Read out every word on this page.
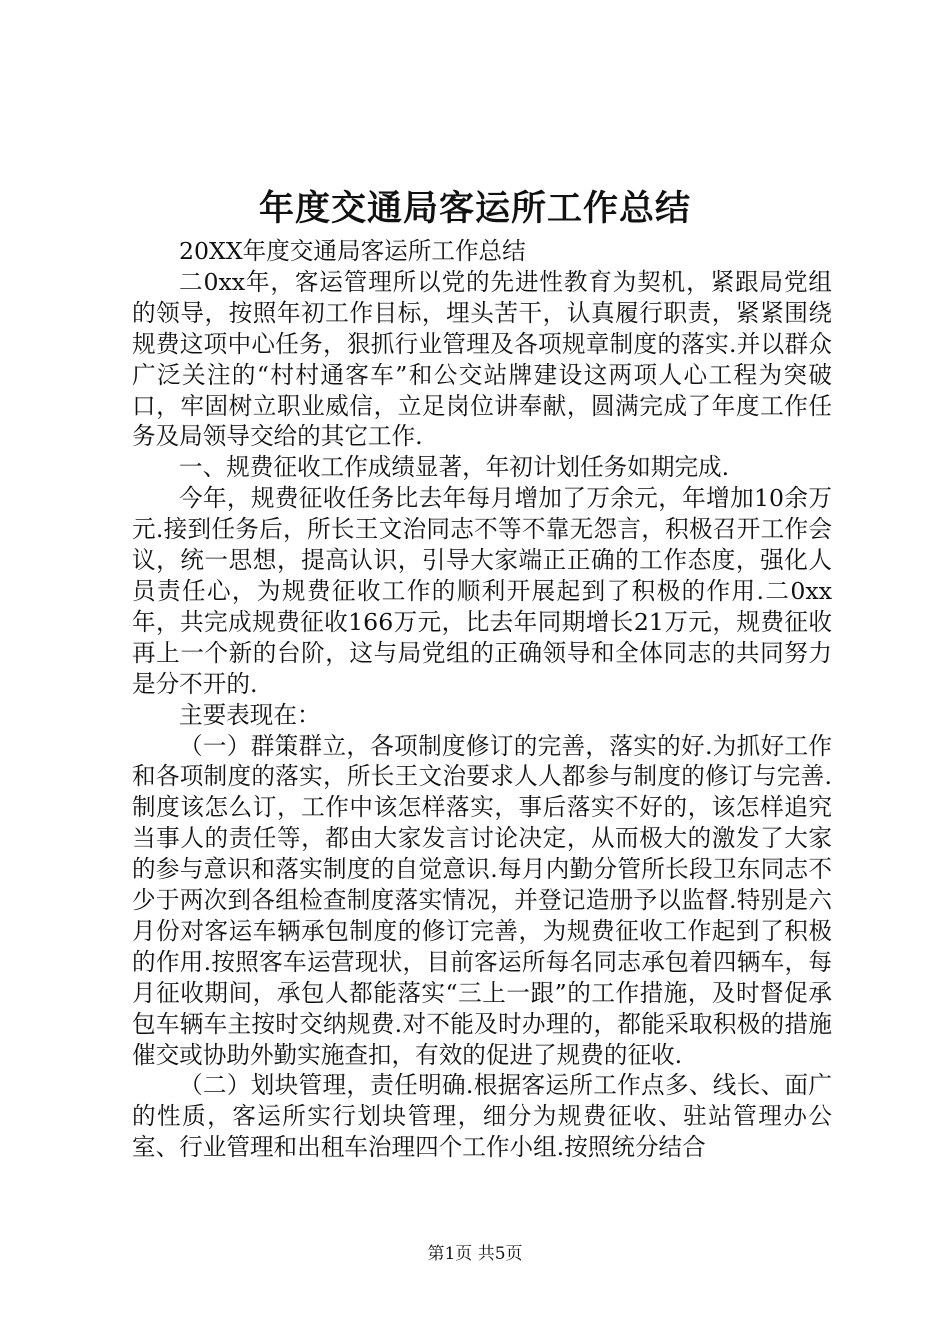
年度交通局客运所工作总结

20XX年度交通局客运所工作总结

二0xx年，客运管理所以党的先进性教育为契机，紧跟局党组的领导，按照年初工作目标，埋头苦干，认真履行职责，紧紧围绕规费这项中心任务，狠抓行业管理及各项规章制度的落实.并以群众广泛关注的“村村通客车”和公交站牌建设这两项人心工程为突破口，牢固树立职业威信，立足岗位讲奉献，圆满完成了年度工作任务及局领导交给的其它工作.

一、规费征收工作成绩显著，年初计划任务如期完成.

今年，规费征收任务比去年每月增加了万余元，年增加10余万元.接到任务后，所长王文治同志不等不靠无怨言，积极召开工作会议，统一思想，提高认识，引导大家端正正确的工作态度，强化人员责任心，为规费征收工作的顺利开展起到了积极的作用.二0xx年，共完成规费征收166万元，比去年同期增长21万元，规费征收再上一个新的台阶，这与局党组的正确领导和全体同志的共同努力是分不开的.

主要表现在：

（一）群策群立，各项制度修订的完善，落实的好.为抓好工作和各项制度的落实，所长王文治要求人人都参与制度的修订与完善.制度该怎么订，工作中该怎样落实，事后落实不好的，该怎样追究当事人的责任等，都由大家发言讨论决定，从而极大的激发了大家的参与意识和落实制度的自觉意识.每月内勤分管所长段卫东同志不少于两次到各组检查制度落实情况，并登记造册予以监督.特别是六月份对客运车辆承包制度的修订完善，为规费征收工作起到了积极的作用.按照客车运营现状，目前客运所每名同志承包着四辆车，每月征收期间，承包人都能落实“三上一跟”的工作措施，及时督促承包车辆车主按时交纳规费.对不能及时办理的，都能采取积极的措施催交或协助外勤实施查扣，有效的促进了规费的征收.

（二）划块管理，责任明确.根据客运所工作点多、线长、面广的性质，客运所实行划块管理，细分为规费征收、驻站管理办公室、行业管理和出租车治理四个工作小组.按照统分结合

第1页 共5页
